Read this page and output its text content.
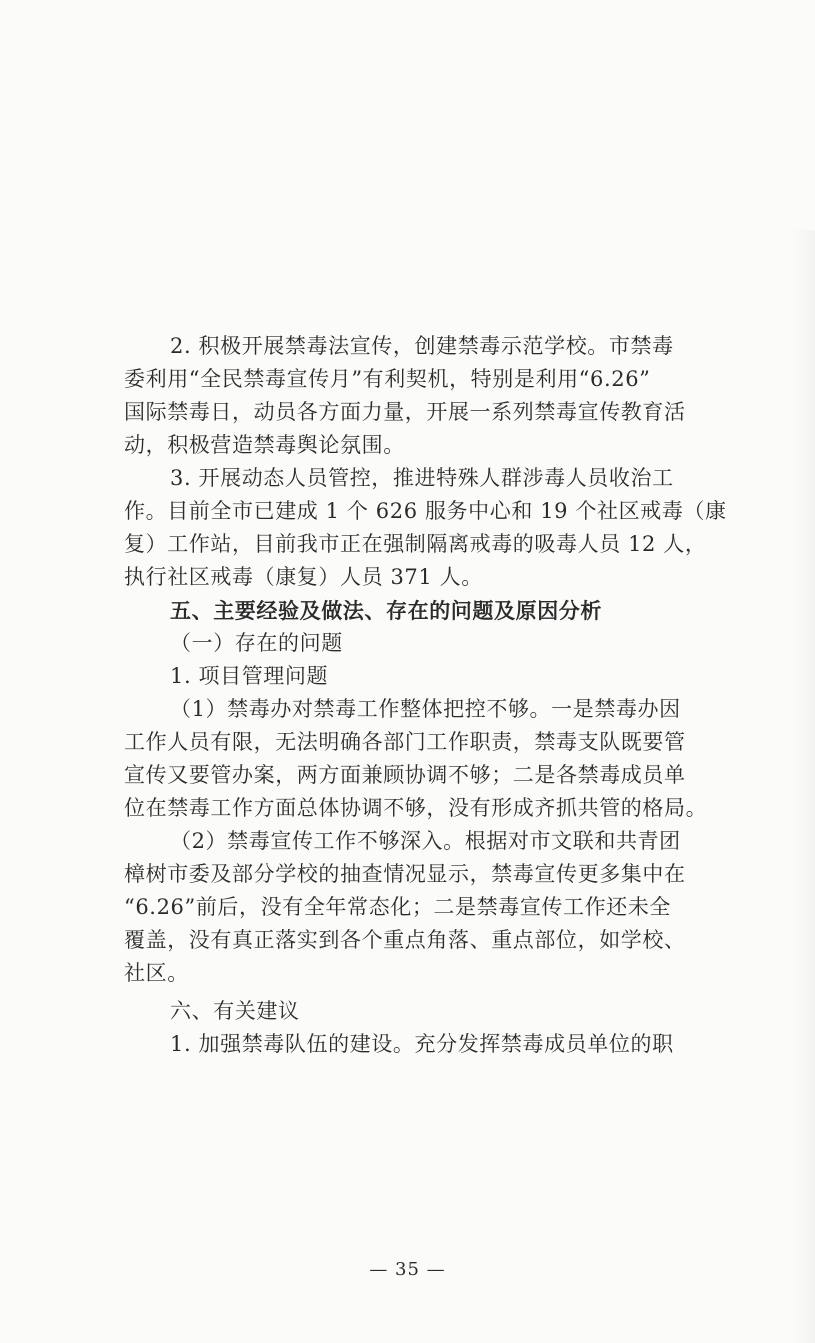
2. 积极开展禁毒法宣传，创建禁毒示范学校。市禁毒
委利用“全民禁毒宣传月”有利契机，特别是利用“6.26”
国际禁毒日，动员各方面力量，开展一系列禁毒宣传教育活
动，积极营造禁毒舆论氛围。
3. 开展动态人员管控，推进特殊人群涉毒人员收治工
作。目前全市已建成 1 个 626 服务中心和 19 个社区戒毒（康
复）工作站，目前我市正在强制隔离戒毒的吸毒人员 12 人，
执行社区戒毒（康复）人员 371 人。
五、主要经验及做法、存在的问题及原因分析
（一）存在的问题
1. 项目管理问题
（1）禁毒办对禁毒工作整体把控不够。一是禁毒办因
工作人员有限，无法明确各部门工作职责，禁毒支队既要管
宣传又要管办案，两方面兼顾协调不够；二是各禁毒成员单
位在禁毒工作方面总体协调不够，没有形成齐抓共管的格局。
（2）禁毒宣传工作不够深入。根据对市文联和共青团
樟树市委及部分学校的抽查情况显示，禁毒宣传更多集中在
“6.26”前后，没有全年常态化；二是禁毒宣传工作还未全
覆盖，没有真正落实到各个重点角落、重点部位，如学校、
社区。
六、有关建议
1. 加强禁毒队伍的建设。充分发挥禁毒成员单位的职
— 35 —
